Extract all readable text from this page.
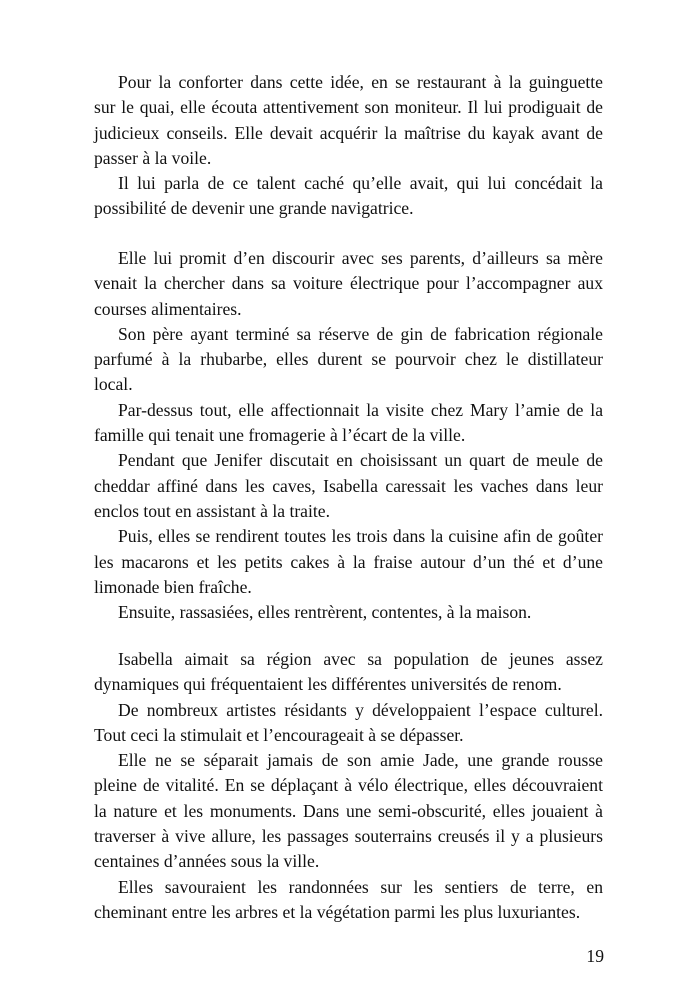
Pour la conforter dans cette idée, en se restaurant à la guinguette
sur le quai, elle écouta attentivement son moniteur. Il lui prodiguait de
judicieux conseils. Elle devait acquérir la maîtrise du kayak avant de
passer à la voile.
Il lui parla de ce talent caché qu’elle avait, qui lui concédait la
possibilité de devenir une grande navigatrice.
Elle lui promit d’en discourir avec ses parents, d’ailleurs sa mère
venait la chercher dans sa voiture électrique pour l’accompagner aux
courses alimentaires.
Son père ayant terminé sa réserve de gin de fabrication régionale
parfumé à la rhubarbe, elles durent se pourvoir chez le distillateur
local.
Par-dessus tout, elle affectionnait la visite chez Mary l’amie de la
famille qui tenait une fromagerie à l’écart de la ville.
Pendant que Jenifer discutait en choisissant un quart de meule de
cheddar affiné dans les caves, Isabella caressait les vaches dans leur
enclos tout en assistant à la traite.
Puis, elles se rendirent toutes les trois dans la cuisine afin de goûter
les macarons et les petits cakes à la fraise autour d’un thé et d’une
limonade bien fraîche.
Ensuite, rassasiées, elles rentrèrent, contentes, à la maison.
Isabella aimait sa région avec sa population de jeunes assez
dynamiques qui fréquentaient les différentes universités de renom.
De nombreux artistes résidants y développaient l’espace culturel.
Tout ceci la stimulait et l’encourageait à se dépasser.
Elle ne se séparait jamais de son amie Jade, une grande rousse
pleine de vitalité. En se déplaçant à vélo électrique, elles découvraient
la nature et les monuments. Dans une semi-obscurité, elles jouaient à
traverser à vive allure, les passages souterrains creusés il y a plusieurs
centaines d’années sous la ville.
Elles savouraient les randonnées sur les sentiers de terre, en
cheminant entre les arbres et la végétation parmi les plus luxuriantes.
19
